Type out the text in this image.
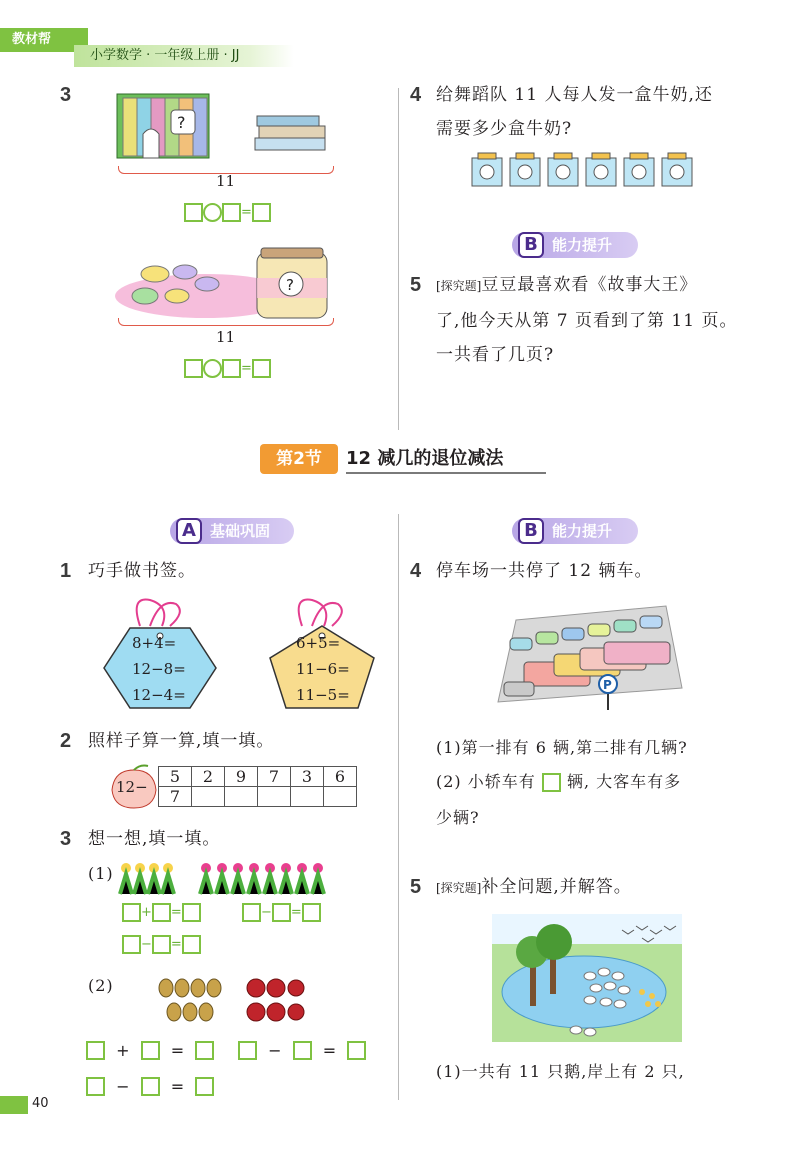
教材帮
小学数学 · 一年级上册 · JJ
3
?
11
=
?
11
=
4 给舞蹈队 11 人每人发一盒牛奶,还
需要多少盒牛奶?
B 能力提升
5 [探究题]豆豆最喜欢看《故事大王》
了,他今天从第 7 页看到了第 11 页。
一共看了几页?
第2节	12 减几的退位减法
A 基础巩固
1 巧手做书签。
8+4=
12−8=
12−4=
6+5=
11−6=
11−5=
2 照样子算一算,填一填。
12−
5	2	9	7	3	6
7					
3 想一想,填一填。
(1)
+ =	− =
− =
(2)
+	=	−	=
−	=
B 能力提升
4 停车场一共停了 12 辆车。
P
(1)第一排有 6 辆,第二排有几辆?
(2) 小轿车有 辆, 大客车有多
少辆?
5 [探究题]补全问题,并解答。
(1)一共有 11 只鹅,岸上有 2 只,
40
